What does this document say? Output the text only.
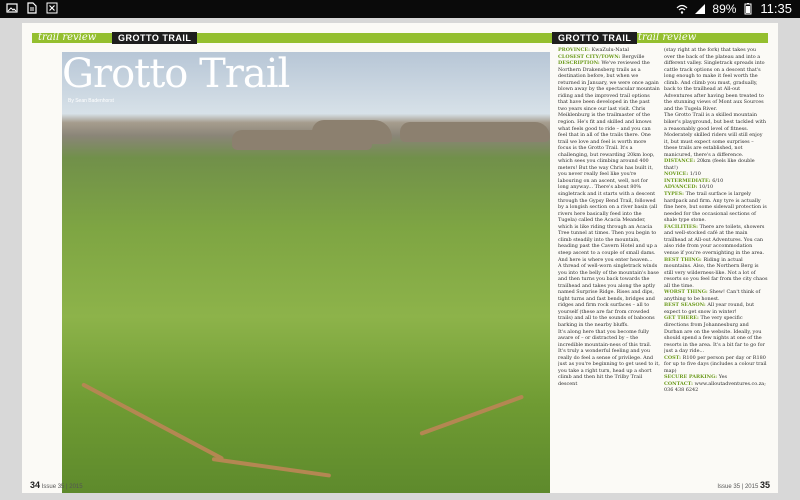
89% 11:35
trail review	GROTTO TRAIL
34 Issue 35 | 2015
Grotto Trail
By Sean Badenhorst
GROTTO TRAIL trail review

PROVINCE: KwaZulu-Natal

CLOSEST CITY/TOWN: Bergville

DESCRIPTION: We've reviewed the Northern Drakensberg trails as a destination before, but when we returned in January, we were once again blown away by the spectacular mountain riding and the improved trail options that have been developed in the past two years since our last visit. Chris Meiklenburg is the trailmaster of the region. He's fit and skilled and knows what feels good to ride – and you can feel that in all of the trails there. One trail we love and feel is worth more focus is the Grotto Trail. It's a challenging, but rewarding 20km loop, which sees you climbing around 400 meters! But the way Chris has built it, you never really feel like you're labouring on an ascent, well, not for long anyway... There's about 80% singletrack and it starts with a descent through the Gypsy Bend Trail, followed by a longish section on a river basin (all rivers here basically feed into the Tugela) called the Acacia Meander, which is like riding through an Acacia Tree tunnel at times. Then you begin to climb steadily into the mountain, heading past the Cavern Hotel and up a steep ascent to a couple of small dams. And here is where you enter heaven...

A thread of well-worn singletrack winds you into the belly of the mountain's base and then turns you back towards the trailhead and takes you along the aptly named Surprise Ridge. Rises and dips, tight turns and fast bends, bridges and ridges and firm rock surfaces – all to yourself (these are far from crowded trails) and all to the sounds of baboons barking in the nearby bluffs.

It's along here that you become fully aware of – or distracted by – the incredible mountain-ness of this trail. It's truly a wonderful feeling and you really do feel a sense of privilege. And just as you're beginning to get used to it, you take a right turn, head up a short climb and then hit the Trilby Trail descent

(stay right at the fork) that takes you over the back of the plateau and into a different valley. Singletrack spreads into cattle track options on a descent that's long enough to make it feel worth the climb. And climb you must, gradually, back to the trailhead at All-out Adventures after having been treated to the stunning views of Mont aux Sources and the Tugela River.

The Grotto Trail is a skilled mountain biker's playground, but best tackled with a reasonably good level of fitness. Moderately skilled riders will still enjoy it, but must expect some surprises – these trails are established, not manicured, there's a difference.

DISTANCE: 20km (feels like double that!)

NOVICE: 1/10

INTERMEDIATE: 6/10

ADVANCED: 10/10

TYPES: The trail surface is largely hardpack and firm. Any tyre is actually fine here, but some sidewall protection is needed for the occasional sections of shale type stone.

FACILITIES: There are toilets, showers and well-stocked café at the main trailhead at All-out Adventures. You can also ride from your accommodation venue if you're overnighting in the area.

BEST THING: Riding in actual mountains. Also, the Northern Berg is still very wilderness-like. Not a lot of resorts so you feel far from the city chaos all the time.

WORST THING: Shew! Can't think of anything to be honest.

BEST SEASON: All year round, but expect to get snow in winter!

GET THERE: The very specific directions from Johannesburg and Durban are on the website. Ideally, you should spend a few nights at one of the resorts in the area. It's a bit far to go for just a day ride...

COST: R100 per person per day or R180 for up to five days (includes a colour trail map)

SECURE PARKING: Yes

CONTACT: www.alloutadventures.co.za; 036 438 6242

Issue 35 | 2015 35
